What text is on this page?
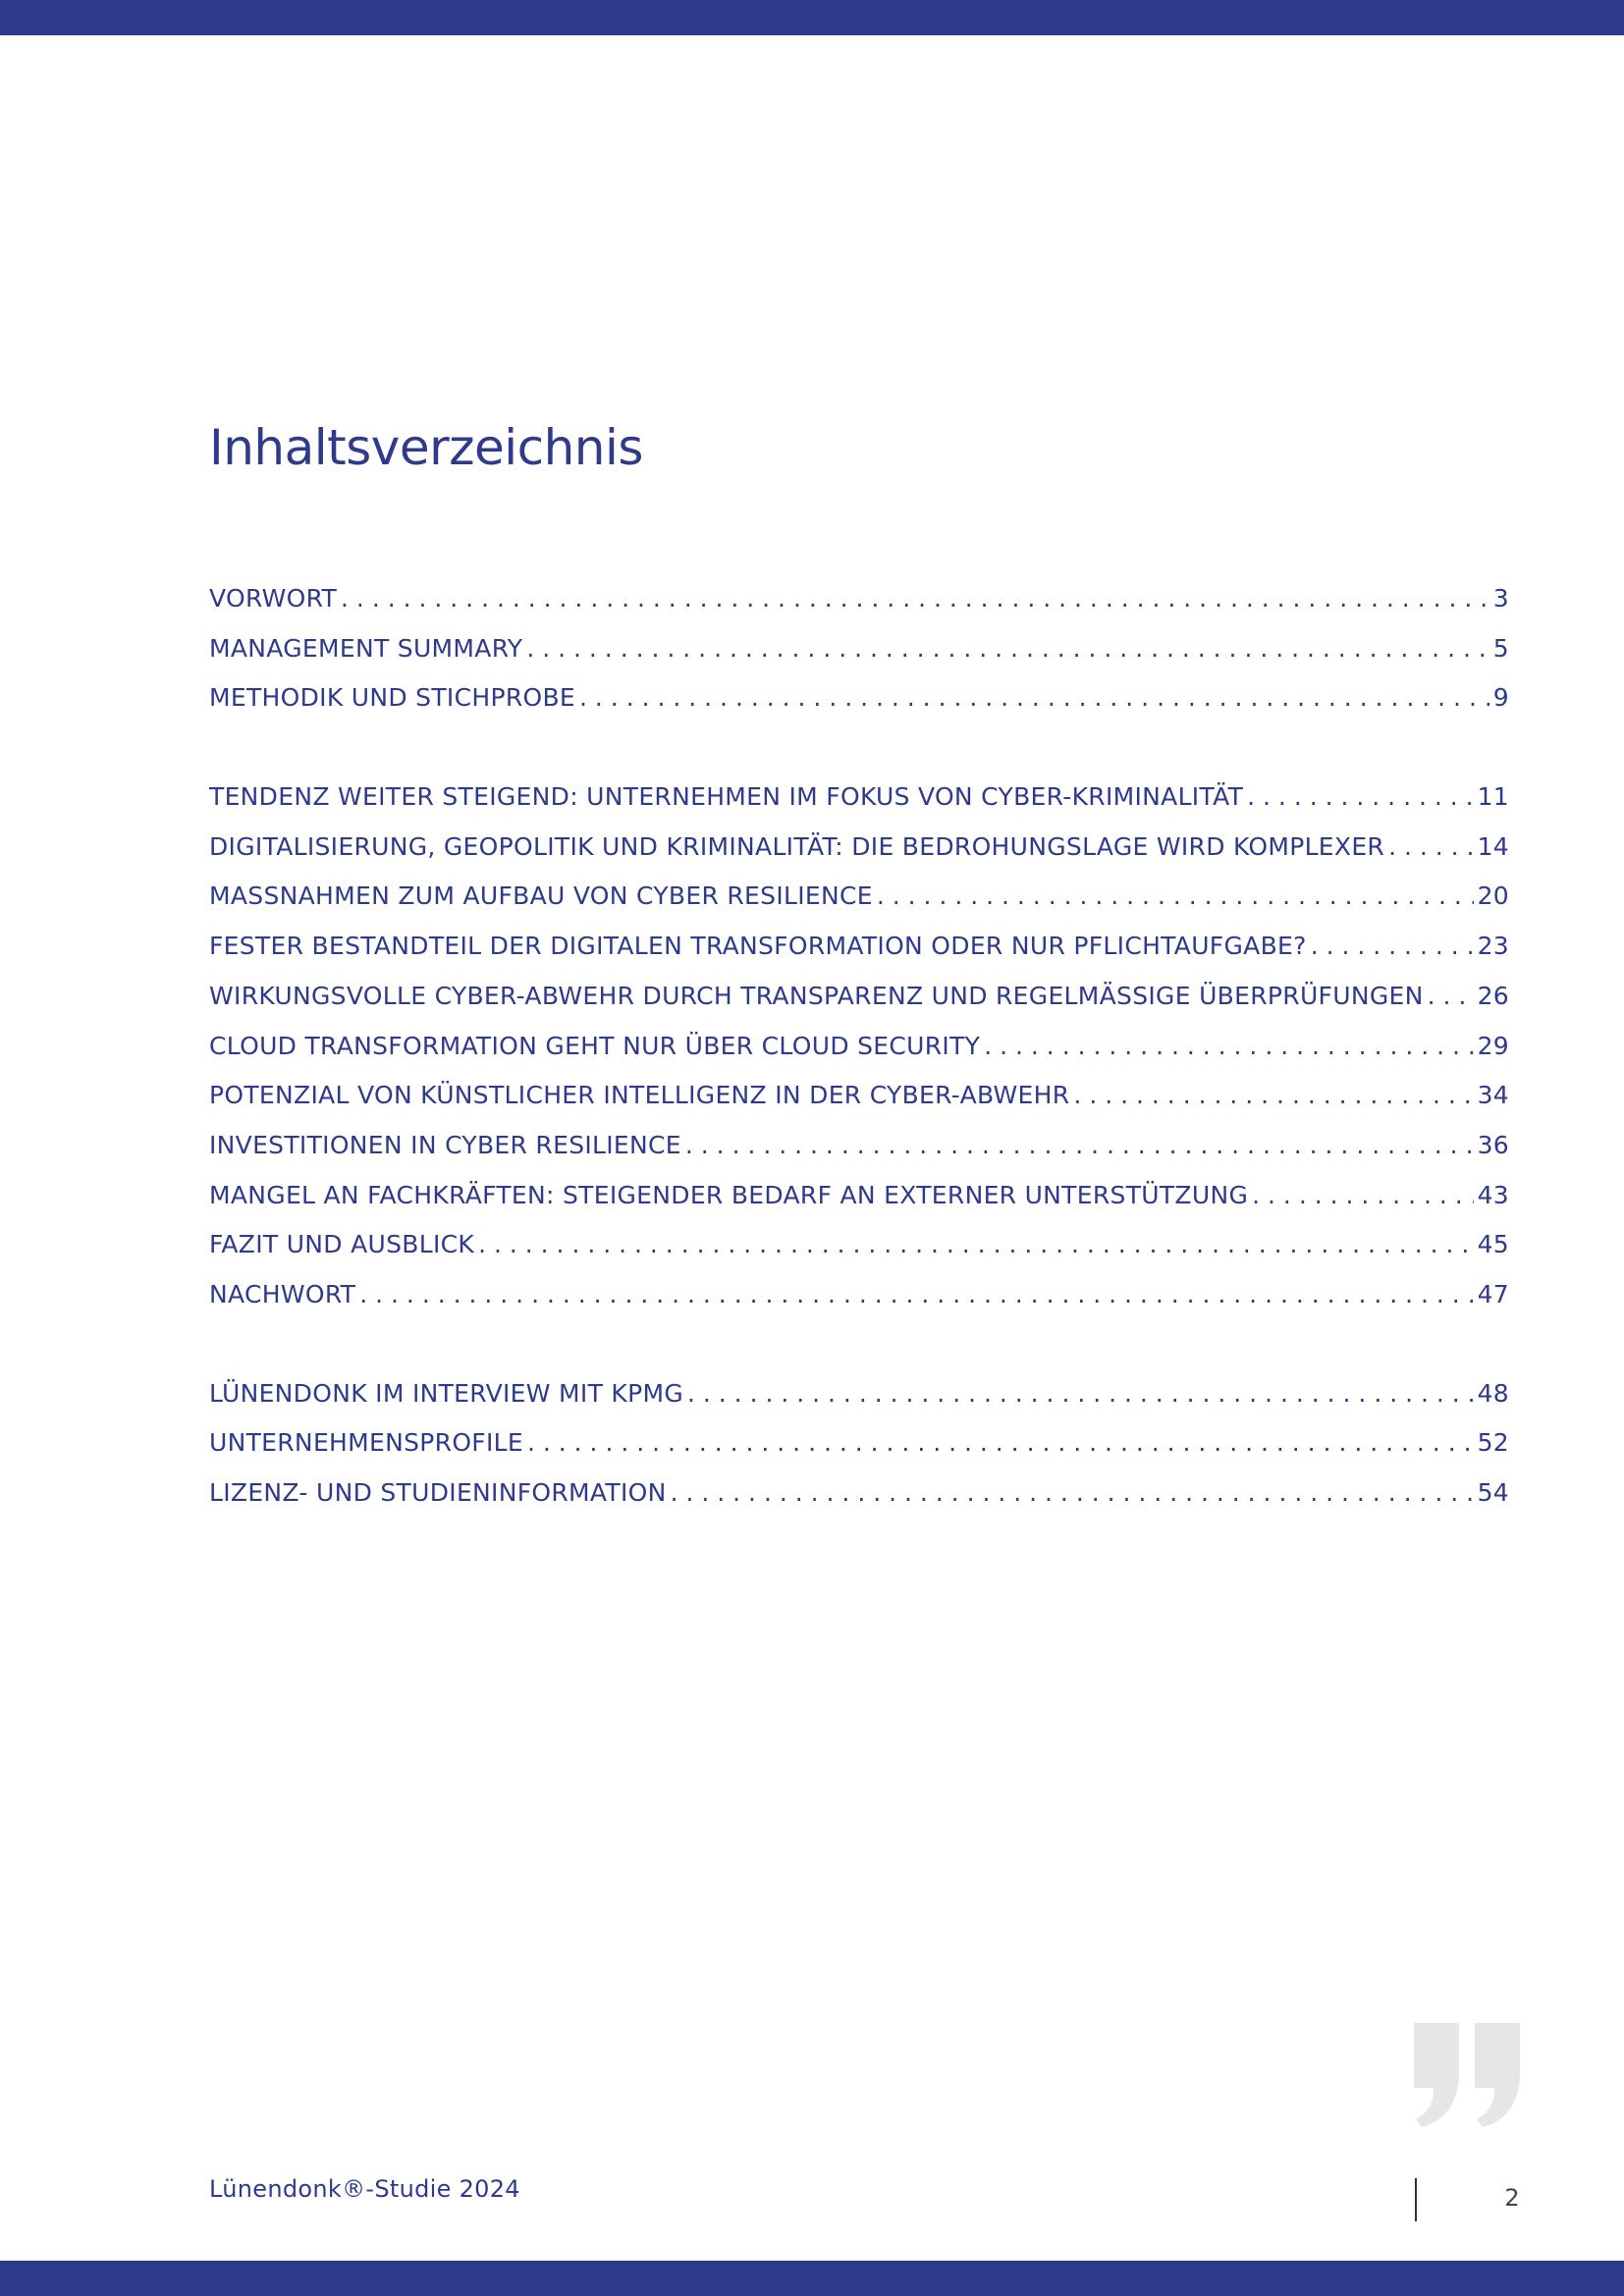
Inhaltsverzeichnis
VORWORT . . .	3
MANAGEMENT SUMMARY . . .	5
METHODIK UND STICHPROBE . . .	9
TENDENZ WEITER STEIGEND: UNTERNEHMEN IM FOKUS VON CYBER-KRIMINALITÄT . . .	11
DIGITALISIERUNG, GEOPOLITIK UND KRIMINALITÄT: DIE BEDROHUNGSLAGE WIRD KOMPLEXER . . .	14
MASSNAHMEN ZUM AUFBAU VON CYBER RESILIENCE . . .	20
FESTER BESTANDTEIL DER DIGITALEN TRANSFORMATION ODER NUR PFLICHTAUFGABE? . . .	23
WIRKUNGSVOLLE CYBER-ABWEHR DURCH TRANSPARENZ UND REGELMÄSSIGE ÜBERPRÜFUNGEN . . . 26
CLOUD TRANSFORMATION GEHT NUR ÜBER CLOUD SECURITY . . .	29
POTENZIAL VON KÜNSTLICHER INTELLIGENZ IN DER CYBER-ABWEHR . . .	34
INVESTITIONEN IN CYBER RESILIENCE . . .	36
MANGEL AN FACHKRÄFTEN: STEIGENDER BEDARF AN EXTERNER UNTERSTÜTZUNG . . .	43
FAZIT UND AUSBLICK . . .	45
NACHWORT . . .	47
LÜNENDONK IM INTERVIEW MIT KPMG . . .	48
UNTERNEHMENSPROFILE . . .	52
LIZENZ- UND STUDIENINFORMATION . . .	54
Lünendonk®-Studie 2024	2
